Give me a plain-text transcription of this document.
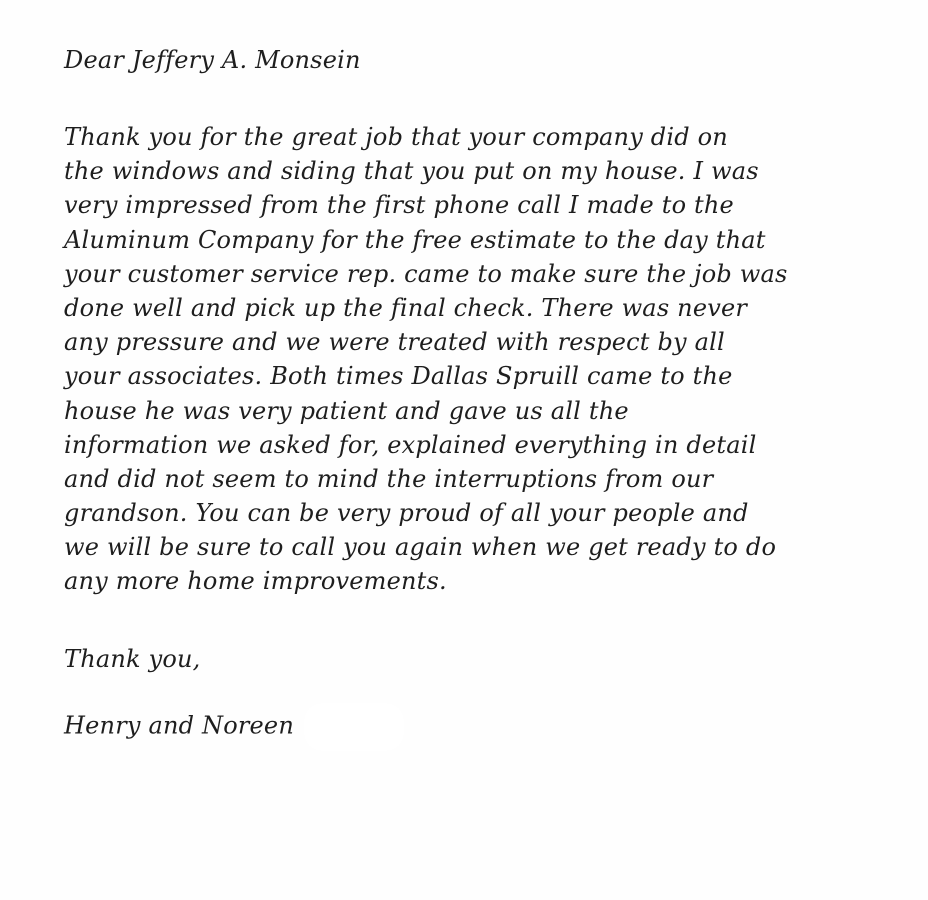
Dear Jeffery A. Monsein
Thank you for the great job that your company did on
the windows and siding that you put on my house. I was
very impressed from the first phone call I made to the
Aluminum Company for the free estimate to the day that
your customer service rep. came to make sure the job was
done well and pick up the final check. There was never
any pressure and we were treated with respect by all
your associates. Both times Dallas Spruill came to the
house he was very patient and gave us all the
information we asked for, explained everything in detail
and did not seem to mind the interruptions from our
grandson. You can be very proud of all your people and
we will be sure to call you again when we get ready to do
any more home improvements.
Thank you,
Henry and Noreen
